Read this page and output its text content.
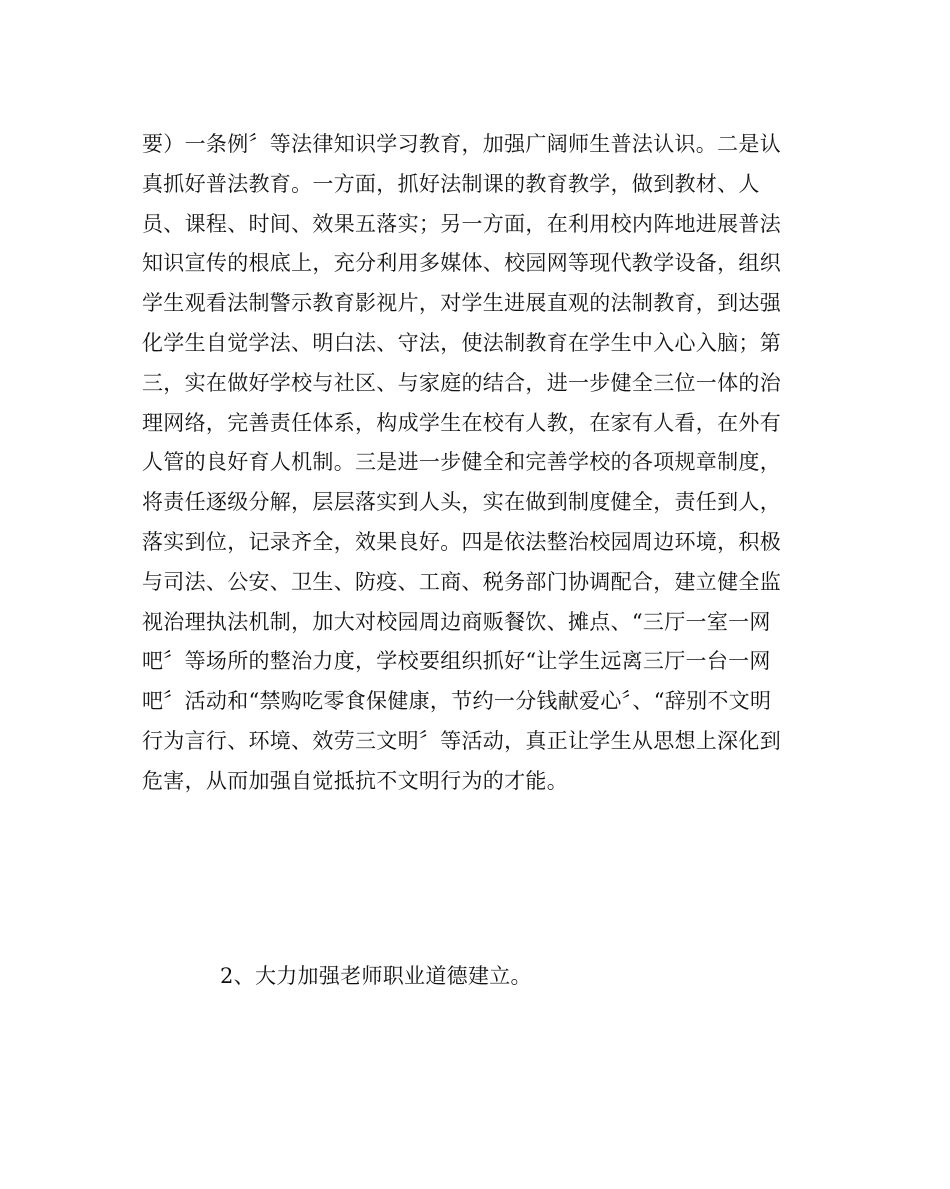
要）一条例〞等法律知识学习教育，加强广阔师生普法认识。二是认
真抓好普法教育。一方面，抓好法制课的教育教学，做到教材、人
员、课程、时间、效果五落实；另一方面，在利用校内阵地进展普法
知识宣传的根底上，充分利用多媒体、校园网等现代教学设备，组织
学生观看法制警示教育影视片，对学生进展直观的法制教育，到达强
化学生自觉学法、明白法、守法，使法制教育在学生中入心入脑；第
三，实在做好学校与社区、与家庭的结合，进一步健全三位一体的治
理网络，完善责任体系，构成学生在校有人教，在家有人看，在外有
人管的良好育人机制。三是进一步健全和完善学校的各项规章制度，
将责任逐级分解，层层落实到人头，实在做到制度健全，责任到人，
落实到位，记录齐全，效果良好。四是依法整治校园周边环境，积极
与司法、公安、卫生、防疫、工商、税务部门协调配合，建立健全监
视治理执法机制，加大对校园周边商贩餐饮、摊点、“三厅一室一网
吧〞等场所的整治力度，学校要组织抓好“让学生远离三厅一台一网
吧〞活动和“禁购吃零食保健康，节约一分钱献爱心〞、“辞别不文明
行为言行、环境、效劳三文明〞等活动，真正让学生从思想上深化到
危害，从而加强自觉抵抗不文明行为的才能。
2、大力加强老师职业道德建立。
